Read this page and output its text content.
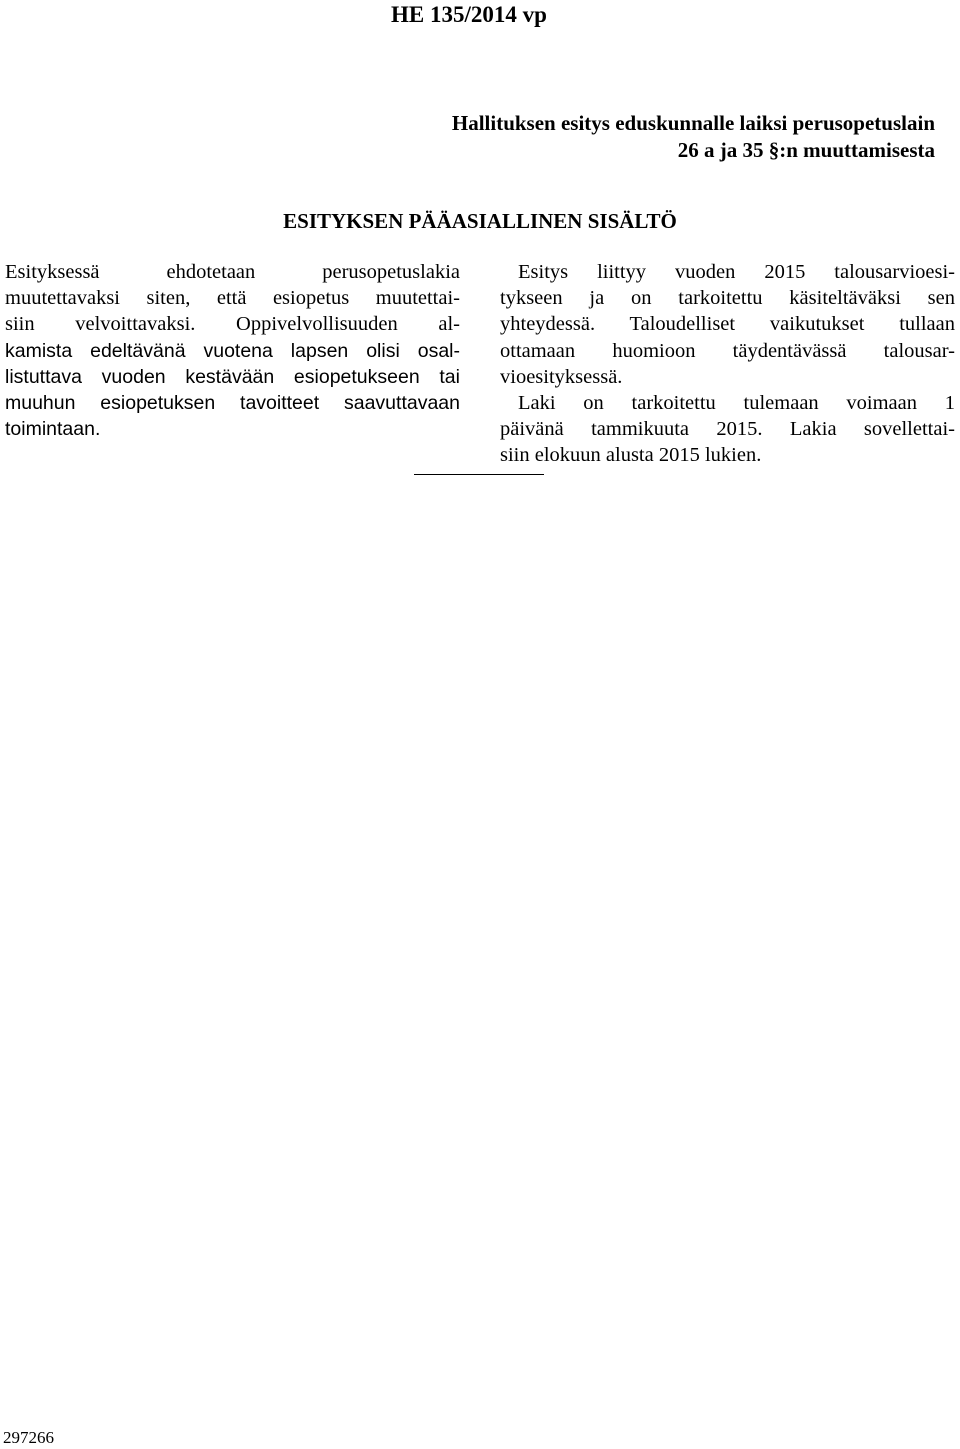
HE 135/2014 vp
Hallituksen esitys eduskunnalle laiksi perusopetuslain
26 a ja 35 §:n muuttamisesta
ESITYKSEN PÄÄASIALLINEN SISÄLTÖ

Esityksessä ehdotetaan perusopetuslakia
muutettavaksi siten, että esiopetus muutettai-
siin velvoittavaksi. Oppivelvollisuuden al-
kamista edeltävänä vuotena lapsen olisi osal-
listuttava vuoden kestävään esiopetukseen tai
muuhun esiopetuksen tavoitteet saavuttavaan
toimintaan.

Esitys liittyy vuoden 2015 talousarvioesi-
tykseen ja on tarkoitettu käsiteltäväksi sen
yhteydessä. Taloudelliset vaikutukset tullaan
ottamaan huomioon täydentävässä talousar-
vioesityksessä.

Laki on tarkoitettu tulemaan voimaan 1
päivänä tammikuuta 2015. Lakia sovellettai-
siin elokuun alusta 2015 lukien.

297266
